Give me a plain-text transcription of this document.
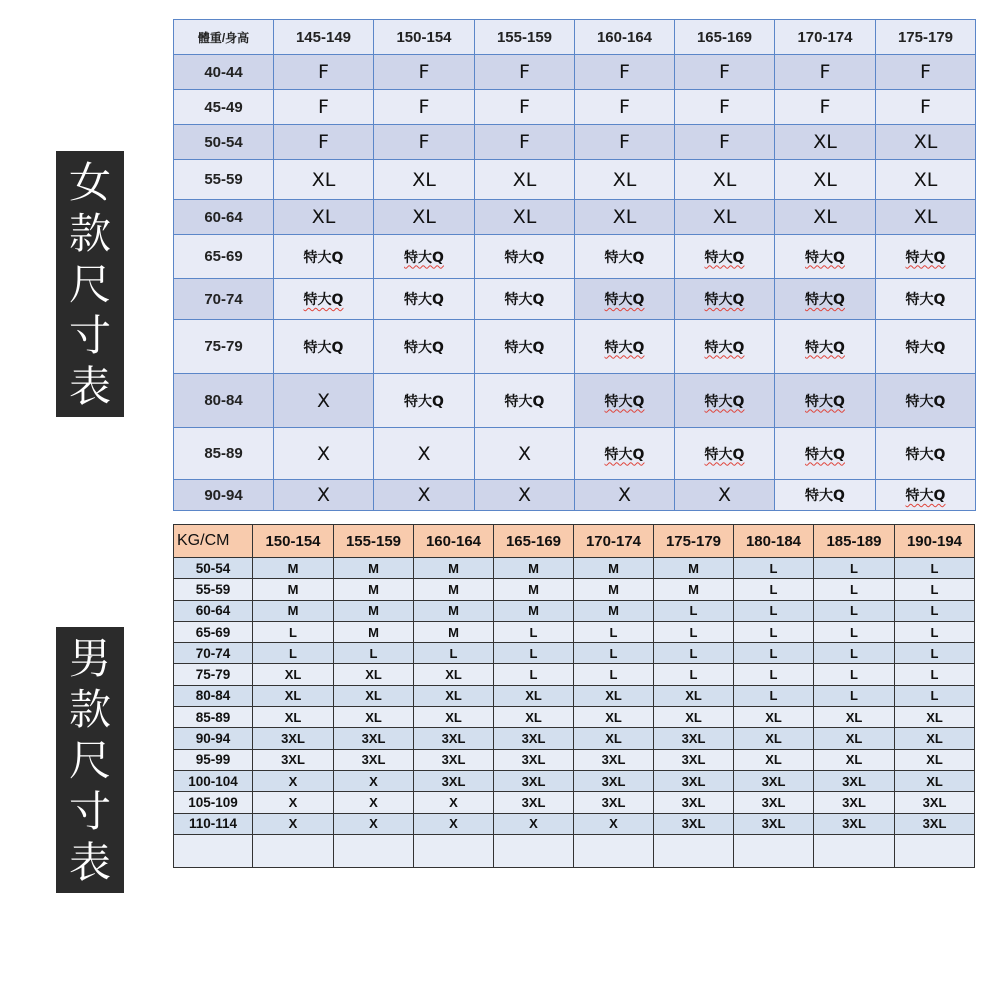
女
款
尺
寸
表
體重/身高	145-149	150-154	155-159	160-164	165-169	170-174	175-179
40-44	F	F	F	F	F	F	F
45-49	F	F	F	F	F	F	F
50-54	F	F	F	F	F	XL	XL
55-59	XL	XL	XL	XL	XL	XL	XL
60-64	XL	XL	XL	XL	XL	XL	XL
65-69	特大Q	特大Q	特大Q	特大Q	特大Q	特大Q	特大Q
70-74	特大Q	特大Q	特大Q	特大Q	特大Q	特大Q	特大Q
75-79	特大Q	特大Q	特大Q	特大Q	特大Q	特大Q	特大Q
80-84	X	特大Q	特大Q	特大Q	特大Q	特大Q	特大Q
85-89	X	X	X	特大Q	特大Q	特大Q	特大Q
90-94	X	X	X	X	X	特大Q	特大Q
男
款
尺
寸
表
KG/CM	150-154	155-159	160-164	165-169	170-174	175-179	180-184	185-189	190-194
50-54	M	M	M	M	M	M	L	L	L
55-59	M	M	M	M	M	M	L	L	L
60-64	M	M	M	M	M	L	L	L	L
65-69	L	M	M	L	L	L	L	L	L
70-74	L	L	L	L	L	L	L	L	L
75-79	XL	XL	XL	L	L	L	L	L	L
80-84	XL	XL	XL	XL	XL	XL	L	L	L
85-89	XL	XL	XL	XL	XL	XL	XL	XL	XL
90-94	3XL	3XL	3XL	3XL	XL	3XL	XL	XL	XL
95-99	3XL	3XL	3XL	3XL	3XL	3XL	XL	XL	XL
100-104	X	X	3XL	3XL	3XL	3XL	3XL	3XL	XL
105-109	X	X	X	3XL	3XL	3XL	3XL	3XL	3XL
110-114	X	X	X	X	X	3XL	3XL	3XL	3XL
